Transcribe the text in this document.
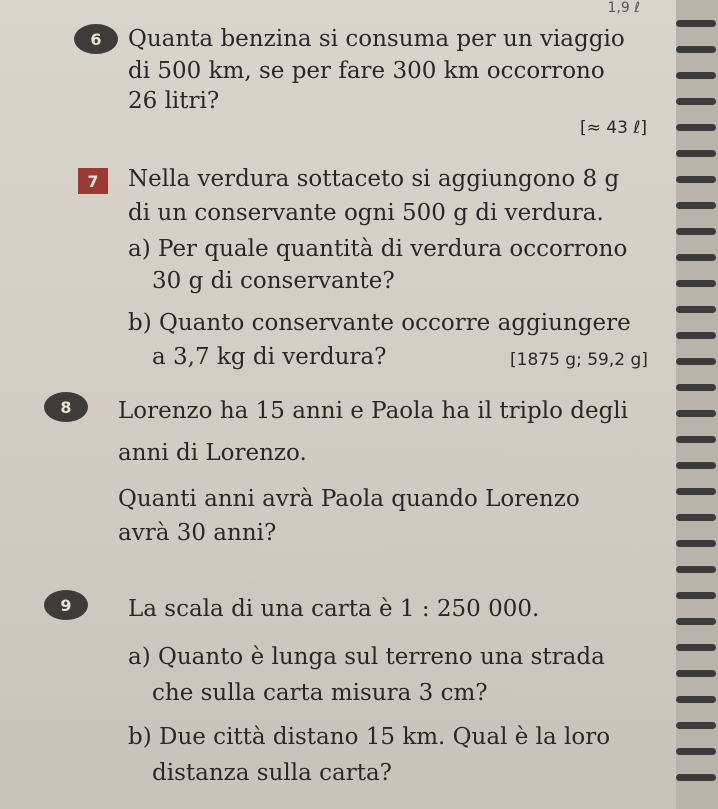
1,9 ℓ
6	Quanta benzina si consuma per un viaggio
di 500 km, se per fare 300 km occorrono
26 litri?
[≈ 43 ℓ]
7	Nella verdura sottaceto si aggiungono 8 g
di un conservante ogni 500 g di verdura.
a) Per quale quantità di verdura occorrono
30 g di conservante?
b) Quanto conservante occorre aggiungere
a 3,7 kg di verdura?	[1875 g; 59,2 g]
8	Lorenzo ha 15 anni e Paola ha il triplo degli
anni di Lorenzo.
Quanti anni avrà Paola quando Lorenzo
avrà 30 anni?
9	La scala di una carta è 1 : 250 000.
a) Quanto è lunga sul terreno una strada
che sulla carta misura 3 cm?
b) Due città distano 15 km. Qual è la loro
distanza sulla carta?
